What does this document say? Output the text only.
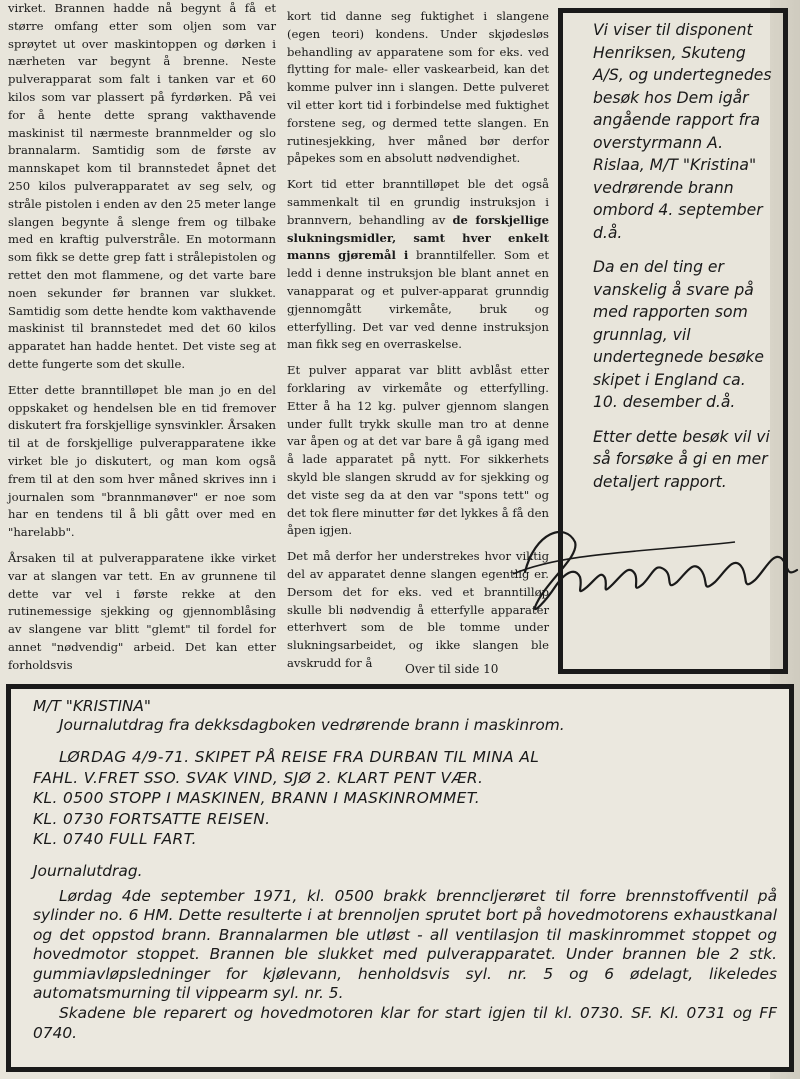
virket. Brannen hadde nå begynt å få et større omfang etter som oljen som var sprøytet ut over maskintoppen og dørken i nærheten var begynt å brenne. Neste pulverapparat som falt i tanken var et 60 kilos som var plassert på fyrdørken. På vei for å hente dette sprang vakthavende maskinist til nærmeste brannmelder og slo brannalarm. Samtidig som de første av mannskapet kom til brannstedet åpnet det 250 kilos pulverapparatet av seg selv, og stråle pistolen i enden av den 25 meter lange slangen begynte å slenge frem og tilbake med en kraftig pulverstråle. En motormann som fikk se dette grep fatt i strålepistolen og rettet den mot flammene, og det varte bare noen sekunder før brannen var slukket. Samtidig som dette hendte kom vakthavende maskinist til brannstedet med det 60 kilos apparatet han hadde hentet. Det viste seg at dette fungerte som det skulle.

Etter dette branntilløpet ble man jo en del oppskaket og hendelsen ble en tid fremover diskutert fra forskjellige synsvinkler. Årsaken til at de forskjellige pulverapparatene ikke virket ble jo diskutert, og man kom også frem til at den som hver måned skrives inn i journalen som "brannmanøver" er noe som har en tendens til å bli gått over med en "harelabb".

Årsaken til at pulverapparatene ikke virket var at slangen var tett. En av grunnene til dette var vel i første rekke at den rutinemessige sjekking og gjennomblåsing av slangene var blitt "glemt" til fordel for annet "nødvendig" arbeid. Det kan etter forholdsvis

kort tid danne seg fuktighet i slangene (egen teori) kondens. Under skjødesløs behandling av apparatene som for eks. ved flytting for male- eller vaskearbeid, kan det komme pulver inn i slangen. Dette pulveret vil etter kort tid i forbindelse med fuktighet forstene seg, og dermed tette slangen. En rutinesjekking, hver måned bør derfor påpekes som en absolutt nødvendighet.

Kort tid etter branntilløpet ble det også sammenkalt til en grundig instruksjon i brannvern, behandling av de forskjellige slukningsmidler, samt hver enkelt manns gjøremål i branntilfeller. Som et ledd i denne instruksjon ble blant annet en vanapparat og et pulver-apparat grunndig gjennomgått virkemåte, bruk og etterfylling. Det var ved denne instruksjon man fikk seg en overraskelse.

Et pulver apparat var blitt avblåst etter forklaring av virkemåte og etterfylling. Etter å ha 12 kg. pulver gjennom slangen under fullt trykk skulle man tro at denne var åpen og at det var bare å gå igang med å lade apparatet på nytt. For sikkerhets skyld ble slangen skrudd av for sjekking og det viste seg da at den var "spons tett" og det tok flere minutter før det lykkes å få den åpen igjen.

Det må derfor her understrekes hvor viktig del av apparatet denne slangen egentlig er. Dersom det for eks. ved et branntilløp skulle bli nødvendig å etterfylle apparater etterhvert som de ble tomme under slukningsarbeidet, og ikke slangen ble avskrudd for å	Over til side 10

Vi viser til disponent Henriksen, Skuteng A/S, og undertegnedes besøk hos Dem igår angående rapport fra overstyrmann A. Rislaa, M/T "Kristina" vedrørende brann ombord 4. september d.å.

Da en del ting er vanskelig å svare på med rapporten som grunnlag, vil undertegnede besøke skipet i England ca. 10. desember d.å.

Etter dette besøk vil vi så forsøke å gi en mer detaljert rapport.

M/T "KRISTINA"

Journalutdrag fra dekksdagboken vedrørende brann i maskinrom.

LØRDAG 4/9-71. SKIPET PÅ REISE FRA DURBAN TIL MINA AL

FAHL. V.FRET SSO. SVAK VIND, SJØ 2. KLART PENT VÆR.

KL. 0500 STOPP I MASKINEN, BRANN I MASKINROMMET.

KL. 0730 FORTSATTE REISEN.

KL. 0740 FULL FART.

Journalutdrag.

Lørdag 4de september 1971, kl. 0500 brakk brenncljerøret til forre brennstoffventil på sylinder no. 6 HM. Dette resulterte i at brennoljen sprutet bort på hovedmotorens exhaustkanal og det oppstod brann. Brannalarmen ble utløst - all ventilasjon til maskinrommet stoppet og hovedmotor stoppet. Brannen ble slukket med pulverapparatet. Under brannen ble 2 stk. gummiavløpsledninger for kjølevann, henholdsvis syl. nr. 5 og 6 ødelagt, likeledes automatsmurning til vippearm syl. nr. 5.

Skadene ble reparert og hovedmotoren klar for start igjen til kl. 0730. SF. Kl. 0731 og FF 0740.
